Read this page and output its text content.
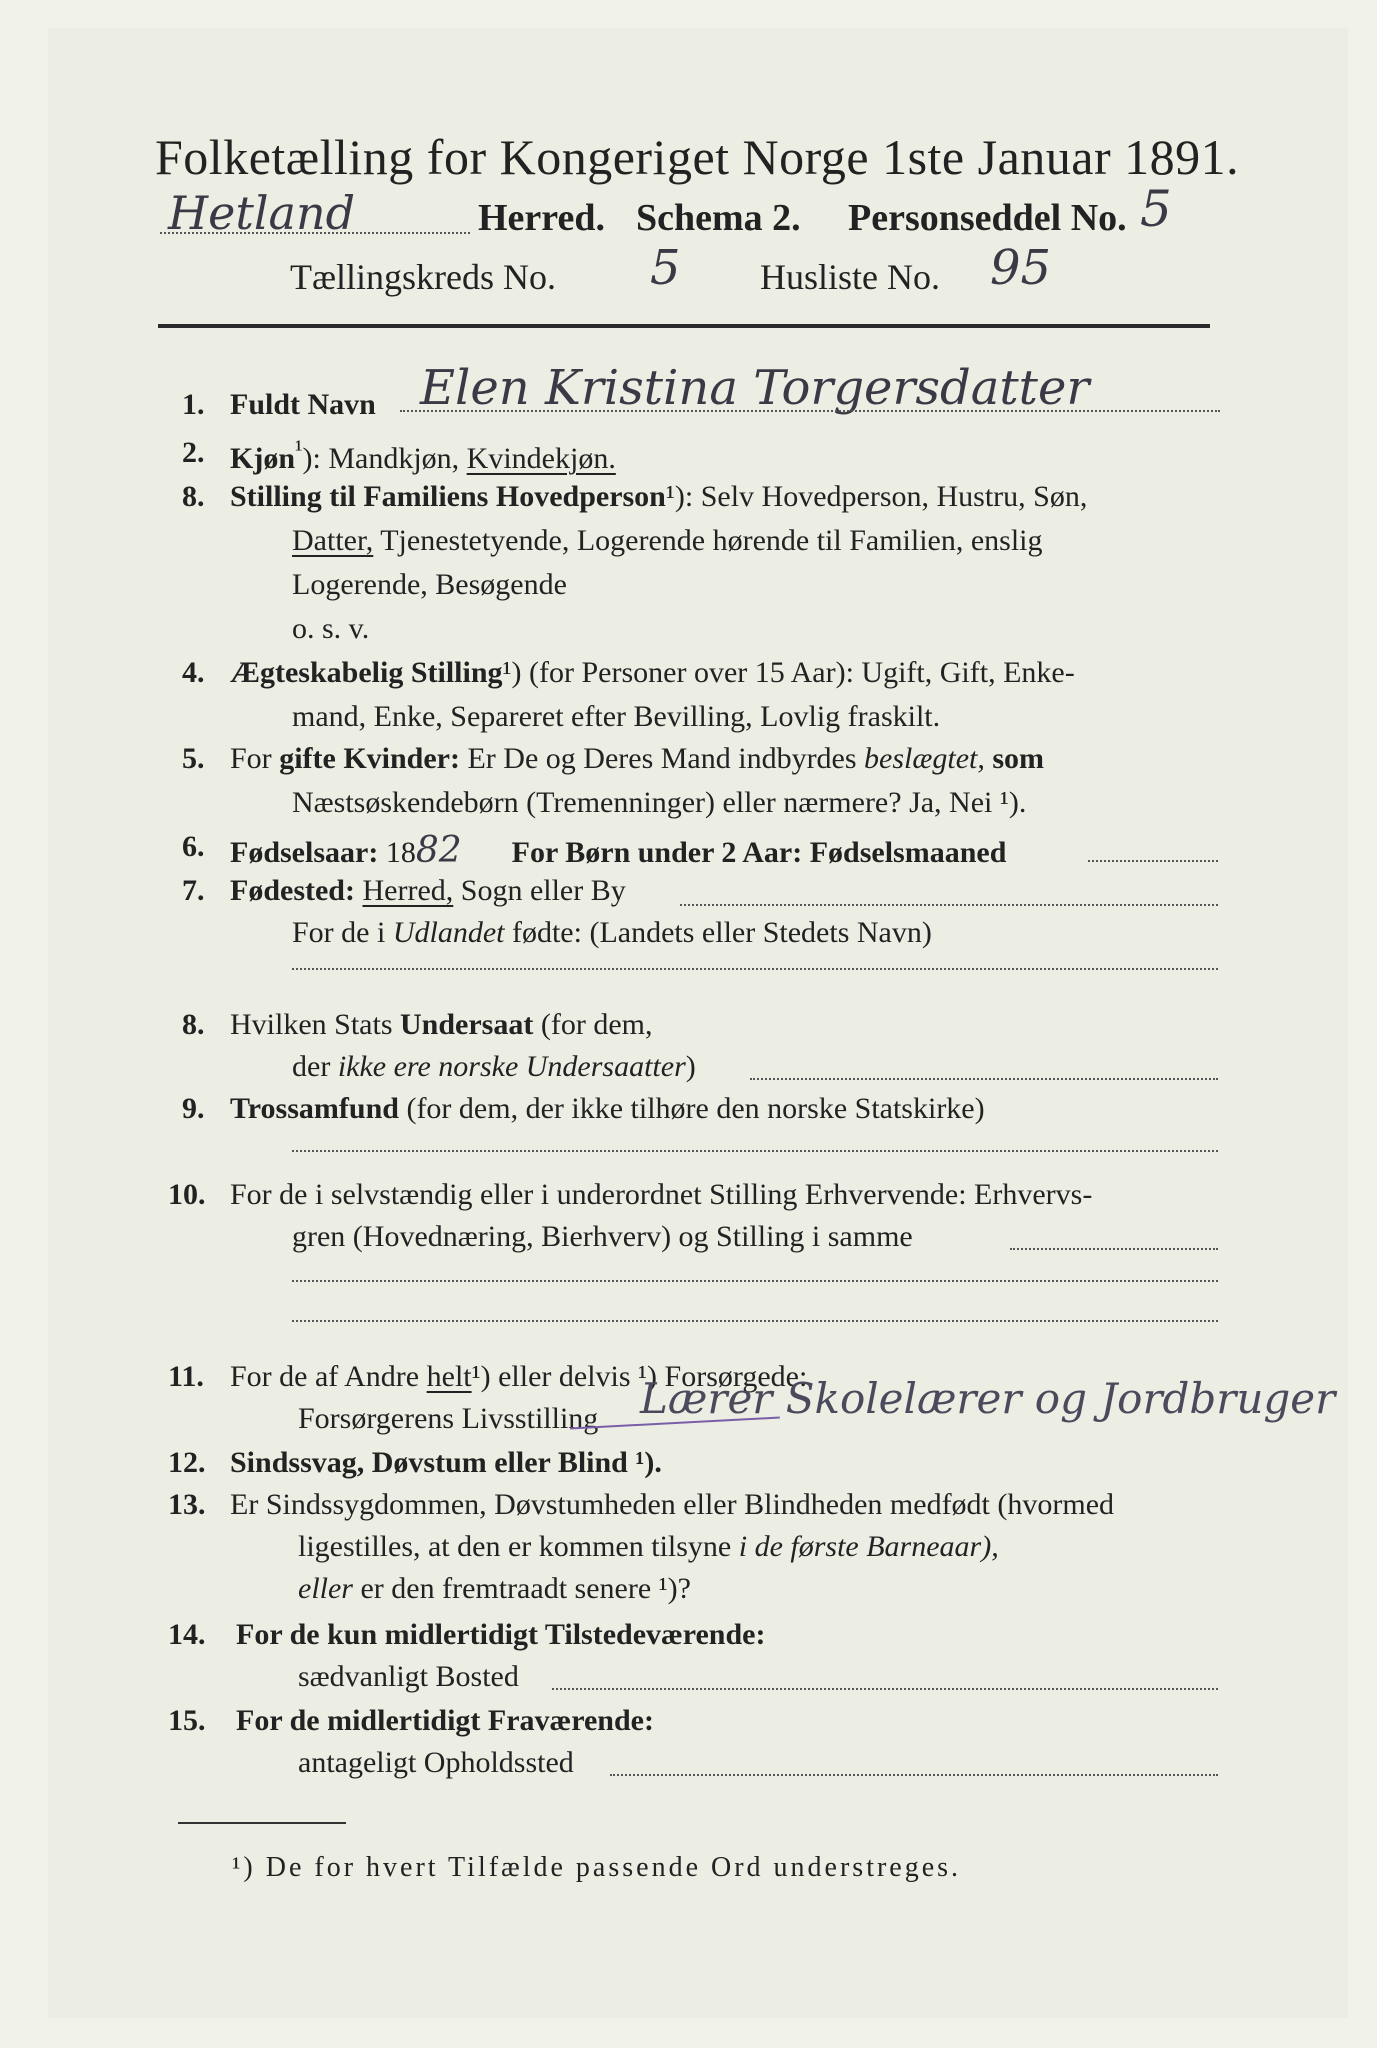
Folketælling for Kongeriget Norge 1ste Januar 1891.
Hetland	Herred. Schema 2. Personseddel No. 5
Tællingskreds No. 5 Husliste No. 95
1. Fuldt Navn Elen Kristina Torgersdatter
2. Kjøn$^{^1}$): Mandkjøn, Kvindekjøn.
8. Stilling til Familiens Hovedperson¹): Selv Hovedperson, Hustru, Søn,
Datter, Tjenestetyende, Logerende hørende til Familien, enslig
Logerende, Besøgende
o. s. v.
4. Ægteskabelig Stilling¹) (for Personer over 15 Aar): Ugift, Gift, Enke-
mand, Enke, Separeret efter Bevilling, Lovlig fraskilt.
5. For gifte Kvinder: Er De og Deres Mand indbyrdes beslægtet, som
Næstsøskendebørn (Tremenninger) eller nærmere? Ja, Nei ¹).
6. Fødselsaar: 1882 For Børn under 2 Aar: Fødselsmaaned
7. Fødested: Herred, Sogn eller By
For de i Udlandet fødte: (Landets eller Stedets Navn)
8. Hvilken Stats Undersaat (for dem,
der ikke ere norske Undersaatter)
9. Trossamfund (for dem, der ikke tilhøre den norske Statskirke)
10. For de i selvstændig eller i underordnet Stilling Erhvervende: Erhvervs-
gren (Hovednæring, Bierhverv) og Stilling i samme
11. For de af Andre helt¹) eller delvis ¹) Forsørgede:
Forsørgerens Livsstilling Lærer Skolelærer og Jordbruger
12. Sindssvag, Døvstum eller Blind ¹).
13. Er Sindssygdommen, Døvstumheden eller Blindheden medfødt (hvormed
ligestilles, at den er kommen tilsyne i de første Barneaar),
eller er den fremtraadt senere ¹)?
14. For de kun midlertidigt Tilstedeværende:
sædvanligt Bosted
15. For de midlertidigt Fraværende:
antageligt Opholdssted
¹) De for hvert Tilfælde passende Ord understreges.
